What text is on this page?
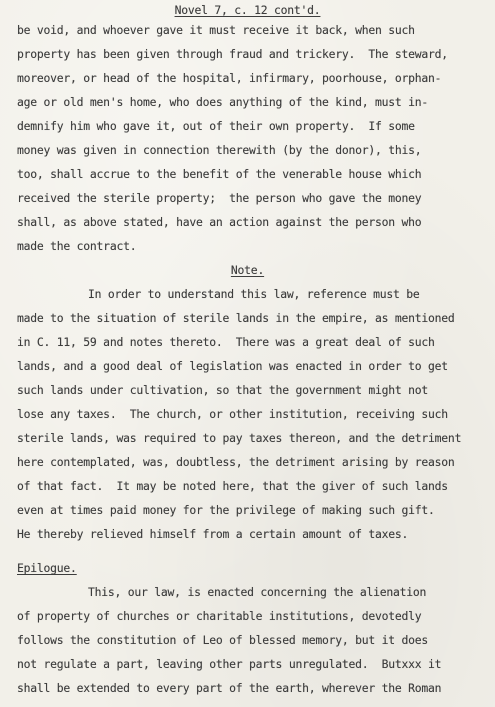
Novel 7, c. 12 cont'd.
be void, and whoever gave it must receive it back, when such
property has been given through fraud and trickery.  The steward,
moreover, or head of the hospital, infirmary, poorhouse, orphan-
age or old men's home, who does anything of the kind, must in-
demnify him who gave it, out of their own property.  If some
money was given in connection therewith (by the donor), this,
too, shall accrue to the benefit of the venerable house which
received the sterile property;  the person who gave the money
shall, as above stated, have an action against the person who
made the contract.
Note.
In order to understand this law, reference must be
made to the situation of sterile lands in the empire, as mentioned
in C. 11, 59 and notes thereto.  There was a great deal of such
lands, and a good deal of legislation was enacted in order to get
such lands under cultivation, so that the government might not
lose any taxes.  The church, or other institution, receiving such
sterile lands, was required to pay taxes thereon, and the detriment
here contemplated, was, doubtless, the detriment arising by reason
of that fact.  It may be noted here, that the giver of such lands
even at times paid money for the privilege of making such gift.
He thereby relieved himself from a certain amount of taxes.
Epilogue.
This, our law, is enacted concerning the alienation
of property of churches or charitable institutions, devotedly
follows the constitution of Leo of blessed memory, but it does
not regulate a part, leaving other parts unregulated.  Butxxx it
shall be extended to every part of the earth, wherever the Roman
